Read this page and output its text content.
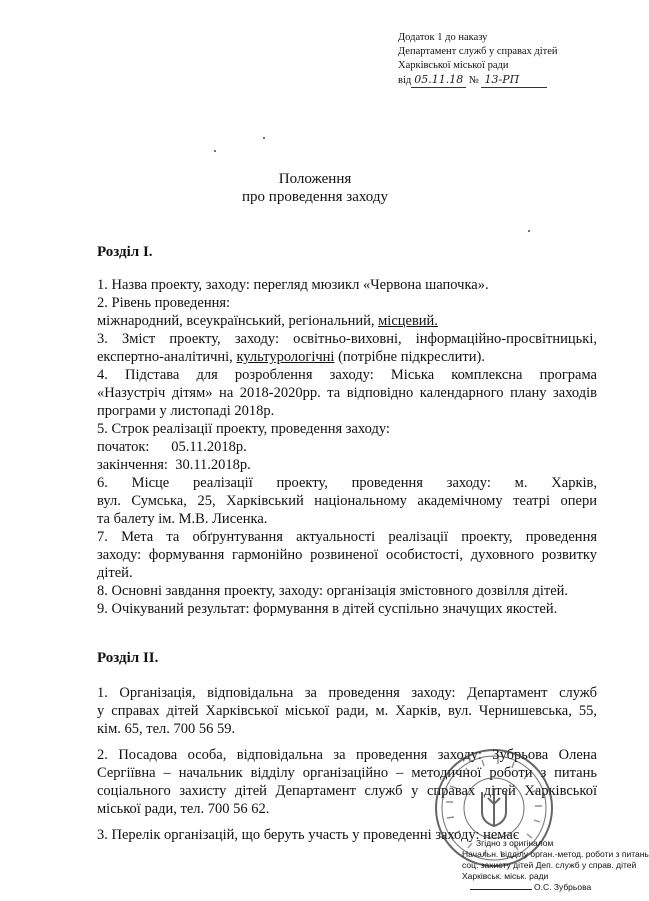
Додаток 1 до наказу
Департамент служб у справах дітей
Харківської міської ради
від 05.11.18 № 13-РП
Положення
про проведення заходу
Розділ І.
1. Назва проекту, заходу: перегляд мюзикл «Червона шапочка».
2. Рівень проведення:
міжнародний, всеукраїнський, регіональний, місцевий.
3. Зміст проекту, заходу: освітньо-виховні, інформаційно-просвітницькі,
експертно-аналітичні, культурологічні (потрібне підкреслити).
4. Підстава для розроблення заходу: Міська комплексна програма
«Назустріч дітям» на 2018-2020рр. та відповідно календарного плану заходів
програми у листопаді 2018р.
5. Строк реалізації проекту, проведення заходу:
початок:      05.11.2018р.
закінчення:  30.11.2018р.
6. Місце реалізації проекту, проведення заходу: м. Харків,
вул. Сумська, 25, Харківський національному академічному театрі опери
та балету ім. М.В. Лисенка.
7. Мета та обґрунтування актуальності реалізації проекту, проведення
заходу: формування гармонійно розвиненої особистості, духовного розвитку
дітей.
8. Основні завдання проекту, заходу: організація змістовного дозвілля дітей.
9. Очікуваний результат: формування в дітей суспільно значущих якостей.
Розділ ІІ.
1. Організація, відповідальна за проведення заходу: Департамент служб
у справах дітей Харківської міської ради, м. Харків, вул. Чернишевська, 55,
кім. 65, тел. 700 56 59.
2. Посадова особа, відповідальна за проведення заходу: Зубрьова Олена
Сергіївна – начальник відділу організаційно – методичної роботи з питань
соціального захисту дітей Департамент служб у справах дітей Харківської
міської ради, тел. 700 56 62.
3. Перелік організацій, що беруть участь у проведенні заходу: немає
Згідно з оригіналом
Начальн. відділу орган.-метод. роботи з питань
соц. захисту дітей Деп. служб у справ. дітей
Харківськ. міськ. ради
О.С. Зубрьова
